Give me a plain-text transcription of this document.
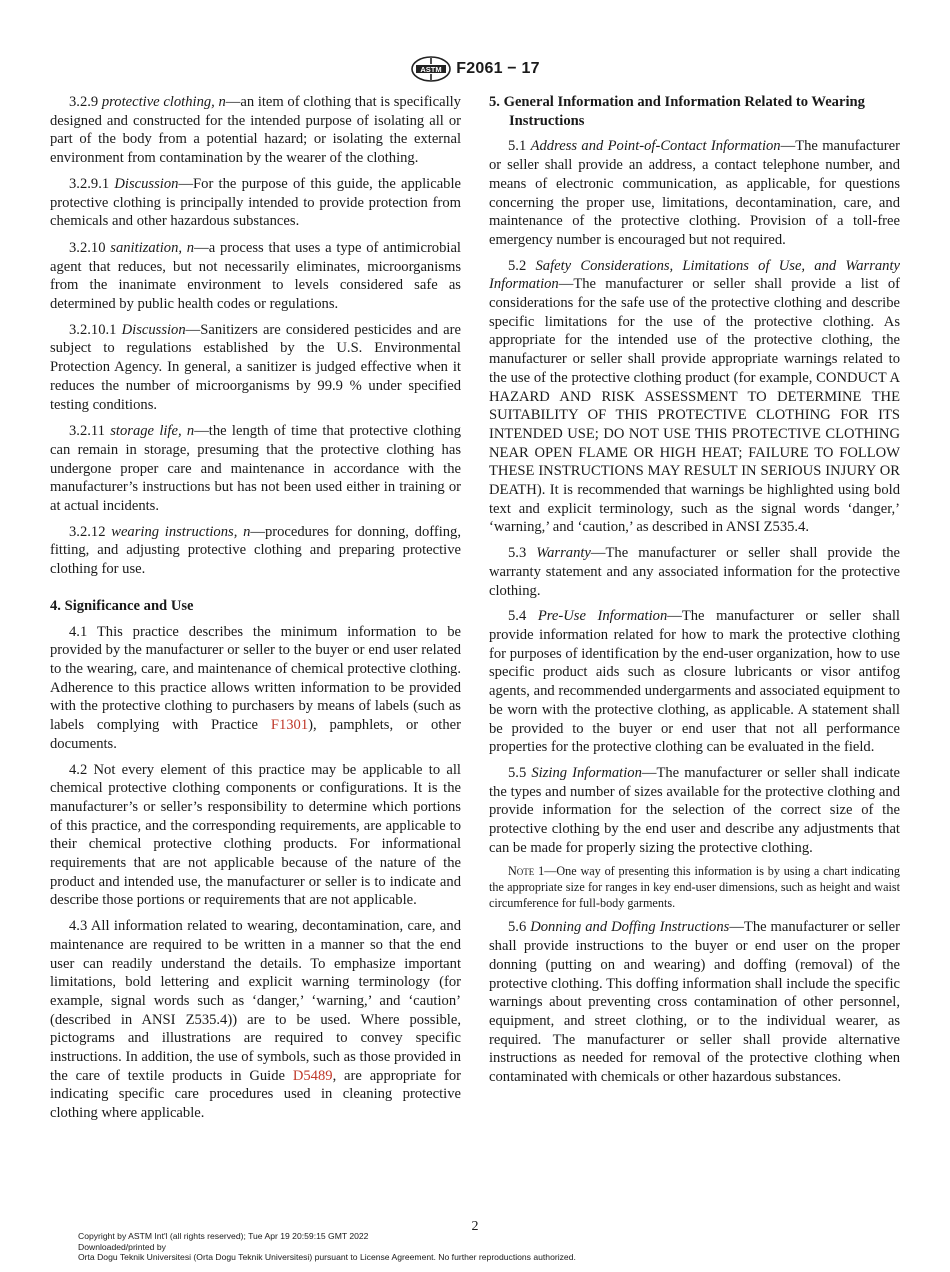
ASTM F2061 − 17

3.2.9 protective clothing, n—an item of clothing that is specifically designed and constructed for the intended purpose of isolating all or part of the body from a potential hazard; or isolating the external environment from contamination by the wearer of the clothing.

3.2.9.1 Discussion—For the purpose of this guide, the applicable protective clothing is principally intended to provide protection from chemicals and other hazardous substances.

3.2.10 sanitization, n—a process that uses a type of antimicrobial agent that reduces, but not necessarily eliminates, microorganisms from the inanimate environment to levels considered safe as determined by public health codes or regulations.

3.2.10.1 Discussion—Sanitizers are considered pesticides and are subject to regulations established by the U.S. Environmental Protection Agency. In general, a sanitizer is judged effective when it reduces the number of microorganisms by 99.9 % under specified testing conditions.

3.2.11 storage life, n—the length of time that protective clothing can remain in storage, presuming that the protective clothing has undergone proper care and maintenance in accordance with the manufacturer’s instructions but has not been used either in training or at actual incidents.

3.2.12 wearing instructions, n—procedures for donning, doffing, fitting, and adjusting protective clothing and preparing protective clothing for use.

4. Significance and Use

4.1 This practice describes the minimum information to be provided by the manufacturer or seller to the buyer or end user related to the wearing, care, and maintenance of chemical protective clothing. Adherence to this practice allows written information to be provided with the protective clothing to purchasers by means of labels (such as labels complying with Practice F1301), pamphlets, or other documents.

4.2 Not every element of this practice may be applicable to all chemical protective clothing components or configurations. It is the manufacturer’s or seller’s responsibility to determine which portions of this practice, and the corresponding requirements, are applicable to their chemical protective clothing products. For informational requirements that are not applicable because of the nature of the product and intended use, the manufacturer or seller is to indicate and describe those portions or requirements that are not applicable.

4.3 All information related to wearing, decontamination, care, and maintenance are required to be written in a manner so that the end user can readily understand the details. To emphasize important limitations, bold lettering and explicit warning terminology (for example, signal words such as ‘danger,’ ‘warning,’ and ‘caution’ (described in ANSI Z535.4)) are to be used. Where possible, pictograms and illustrations are required to convey specific instructions. In addition, the use of symbols, such as those provided in the care of textile products in Guide D5489, are appropriate for indicating specific care procedures used in cleaning protective clothing where applicable.

5. General Information and Information Related to Wearing Instructions

5.1 Address and Point-of-Contact Information—The manufacturer or seller shall provide an address, a contact telephone number, and means of electronic communication, as applicable, for questions concerning the proper use, limitations, decontamination, care, and maintenance of the protective clothing. Provision of a toll-free emergency number is encouraged but not required.

5.2 Safety Considerations, Limitations of Use, and Warranty Information—The manufacturer or seller shall provide a list of considerations for the safe use of the protective clothing and describe specific limitations for the use of the protective clothing. As appropriate for the intended use of the protective clothing, the manufacturer or seller shall provide appropriate warnings related to the use of the protective clothing product (for example, CONDUCT A HAZARD AND RISK ASSESSMENT TO DETERMINE THE SUITABILITY OF THIS PROTECTIVE CLOTHING FOR ITS INTENDED USE; DO NOT USE THIS PROTECTIVE CLOTHING NEAR OPEN FLAME OR HIGH HEAT; FAILURE TO FOLLOW THESE INSTRUCTIONS MAY RESULT IN SERIOUS INJURY OR DEATH). It is recommended that warnings be highlighted using bold text and explicit terminology, such as the signal words ‘danger,’ ‘warning,’ and ‘caution,’ as described in ANSI Z535.4.

5.3 Warranty—The manufacturer or seller shall provide the warranty statement and any associated information for the protective clothing.

5.4 Pre-Use Information—The manufacturer or seller shall provide information related for how to mark the protective clothing for purposes of identification by the end-user organization, how to use specific product aids such as closure lubricants or visor antifog agents, and recommended undergarments and associated equipment to be worn with the protective clothing, as applicable. A statement shall be provided to the buyer or end user that not all performance properties for the protective clothing can be evaluated in the field.

5.5 Sizing Information—The manufacturer or seller shall indicate the types and number of sizes available for the protective clothing and provide information for the selection of the correct size of the protective clothing by the end user and describe any adjustments that can be made for properly sizing the protective clothing.

Note 1—One way of presenting this information is by using a chart indicating the appropriate size for ranges in key end-user dimensions, such as height and waist circumference for full-body garments.

5.6 Donning and Doffing Instructions—The manufacturer or seller shall provide instructions to the buyer or end user on the proper donning (putting on and wearing) and doffing (removal) of the protective clothing. This doffing information shall include the specific warnings about preventing cross contamination of other personnel, equipment, and street clothing, or to the individual wearer, as required. The manufacturer or seller shall provide alternative instructions as needed for removal of the protective clothing when contaminated with chemicals or other hazardous substances.

2
Copyright by ASTM Int'l (all rights reserved); Tue Apr 19 20:59:15 GMT 2022
Downloaded/printed by
Orta Dogu Teknik Universitesi (Orta Dogu Teknik Universitesi) pursuant to License Agreement. No further reproductions authorized.
